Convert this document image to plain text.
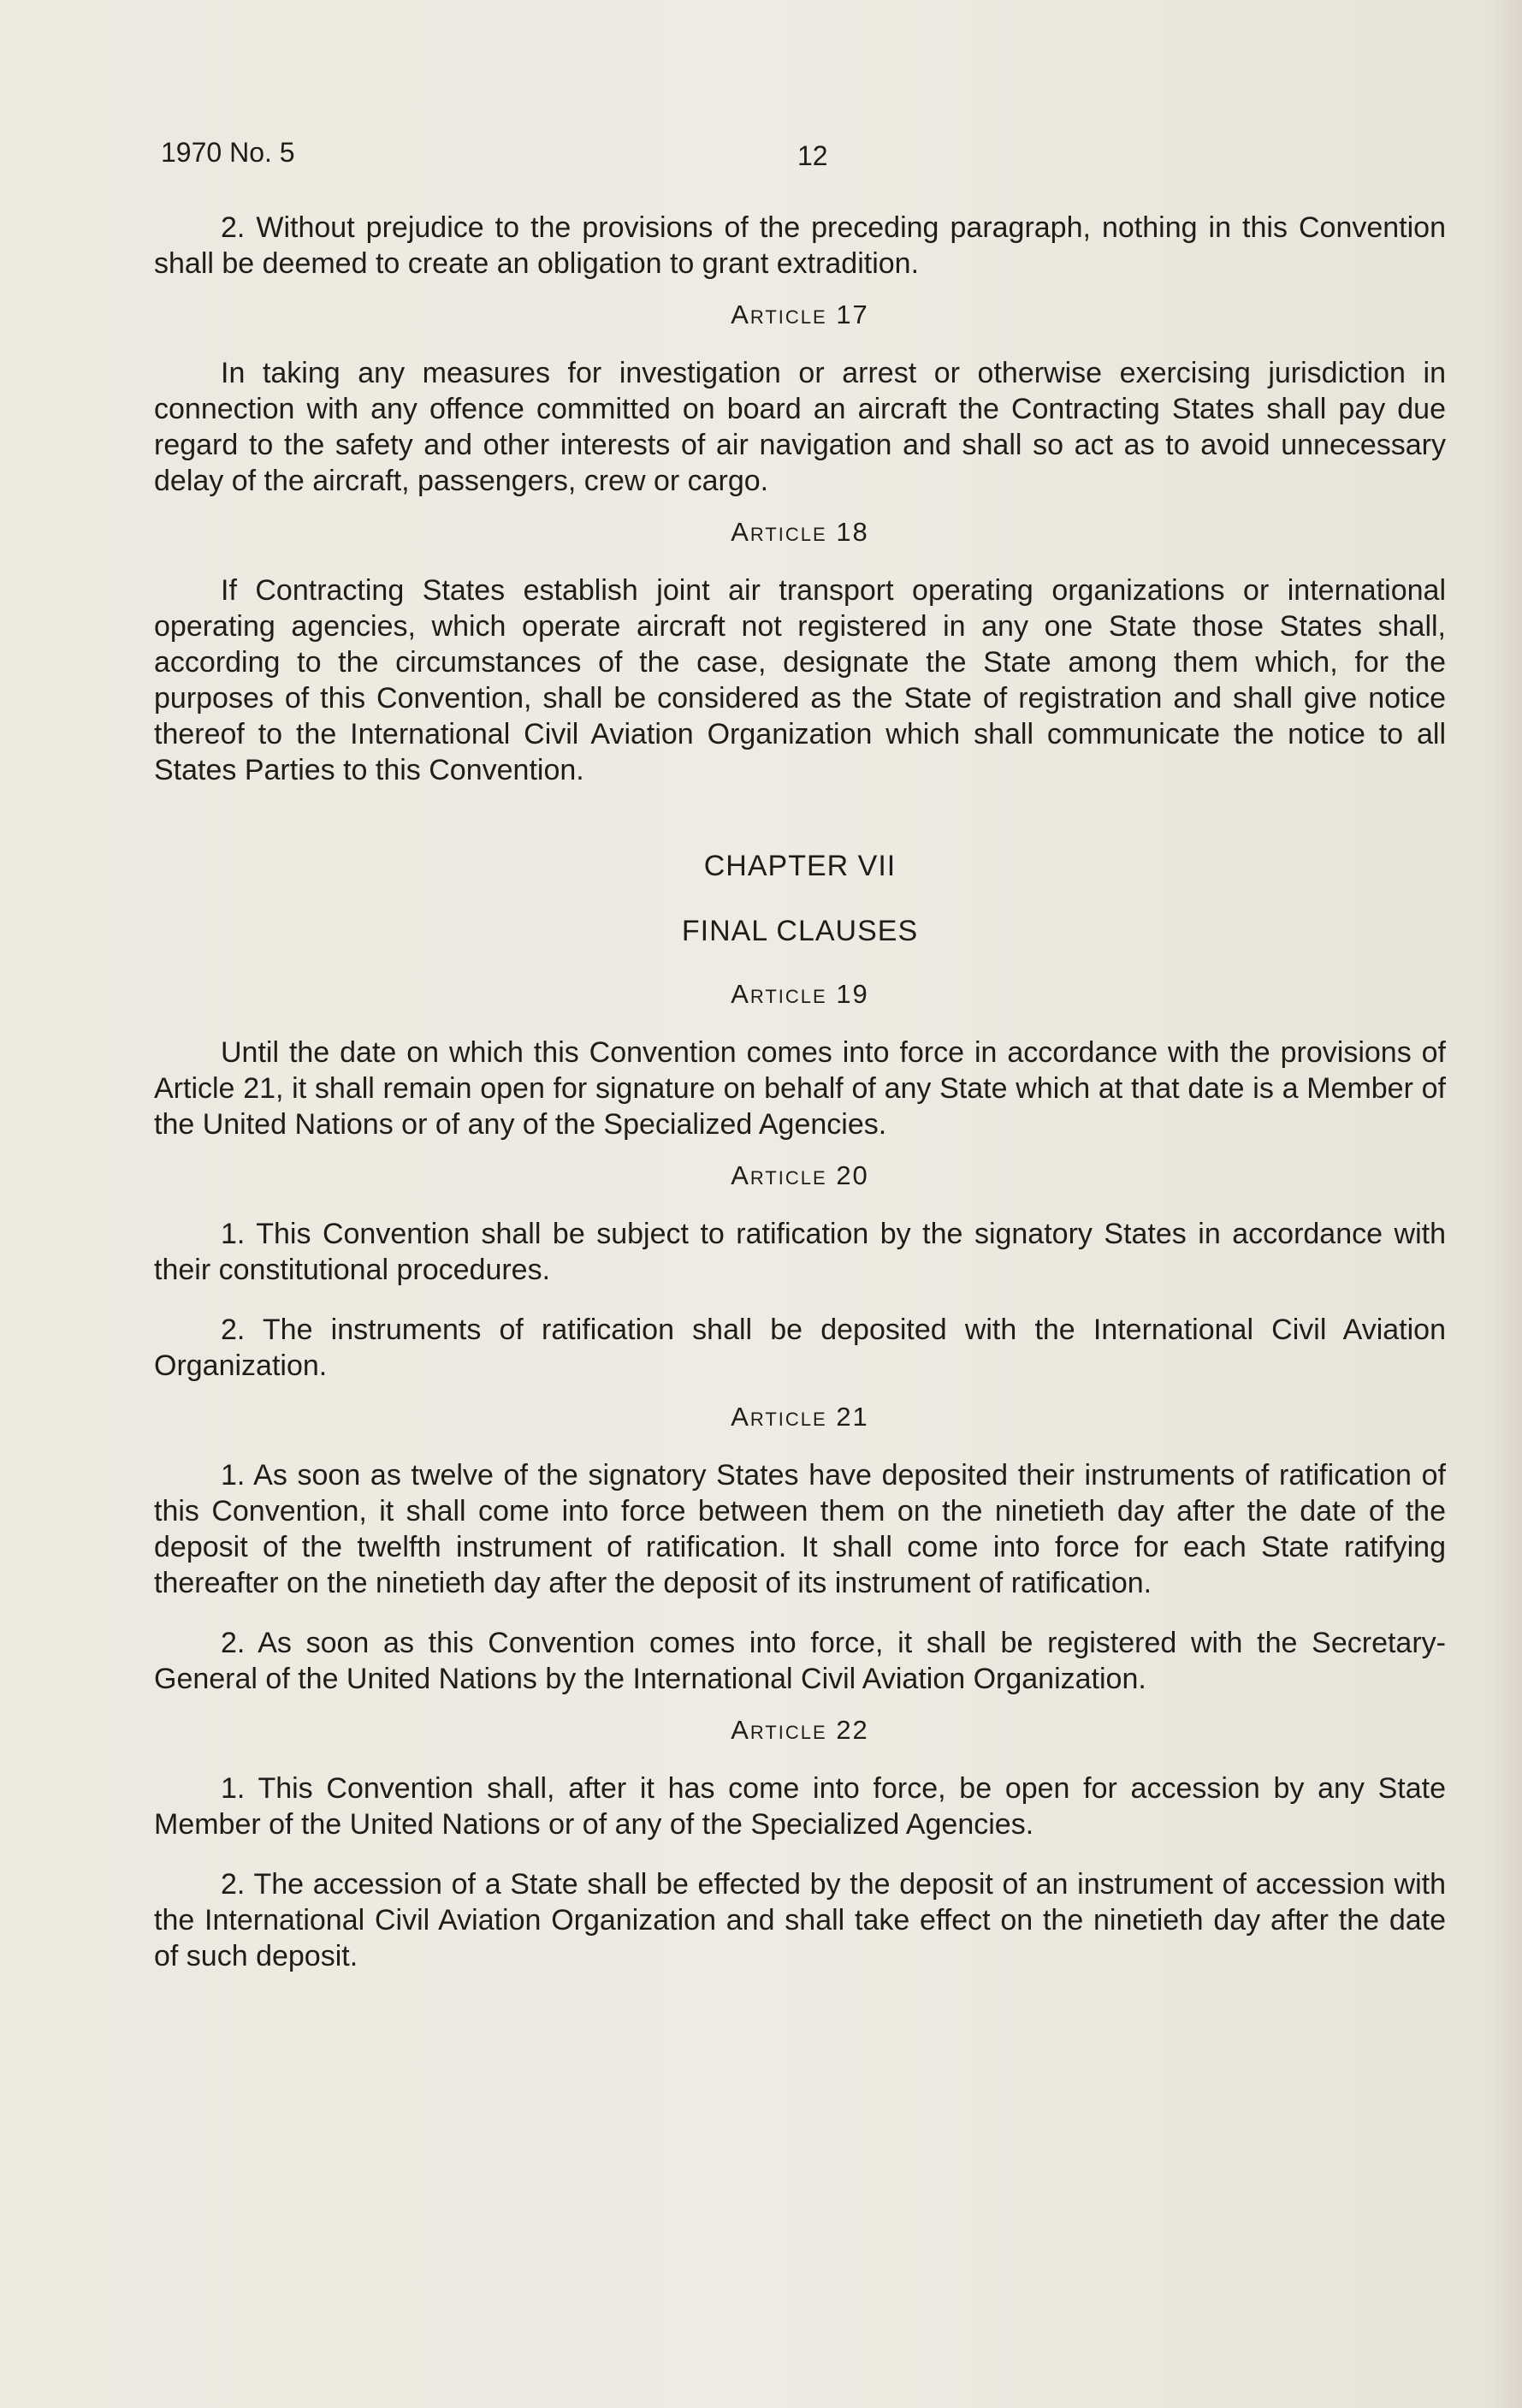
1970 No. 5	12

2. Without prejudice to the provisions of the preceding paragraph, nothing in this Convention shall be deemed to create an obligation to grant extradition.

Article 17

In taking any measures for investigation or arrest or otherwise exercising jurisdiction in connection with any offence committed on board an aircraft the Contracting States shall pay due regard to the safety and other interests of air navigation and shall so act as to avoid unnecessary delay of the aircraft, passengers, crew or cargo.

Article 18

If Contracting States establish joint air transport operating organizations or international operating agencies, which operate aircraft not registered in any one State those States shall, according to the circumstances of the case, designate the State among them which, for the purposes of this Convention, shall be considered as the State of registration and shall give notice thereof to the International Civil Aviation Organization which shall communicate the notice to all States Parties to this Convention.

CHAPTER VII
FINAL CLAUSES
Article 19

Until the date on which this Convention comes into force in accordance with the provisions of Article 21, it shall remain open for signature on behalf of any State which at that date is a Member of the United Nations or of any of the Specialized Agencies.

Article 20

1. This Convention shall be subject to ratification by the signatory States in accordance with their constitutional procedures.

2. The instruments of ratification shall be deposited with the International Civil Aviation Organization.

Article 21

1. As soon as twelve of the signatory States have deposited their instruments of ratification of this Convention, it shall come into force between them on the ninetieth day after the date of the deposit of the twelfth instrument of ratification. It shall come into force for each State ratifying thereafter on the ninetieth day after the deposit of its instrument of ratification.

2. As soon as this Convention comes into force, it shall be registered with the Secretary-General of the United Nations by the International Civil Aviation Organization.

Article 22

1. This Convention shall, after it has come into force, be open for accession by any State Member of the United Nations or of any of the Specialized Agencies.

2. The accession of a State shall be effected by the deposit of an instrument of accession with the International Civil Aviation Organization and shall take effect on the ninetieth day after the date of such deposit.
